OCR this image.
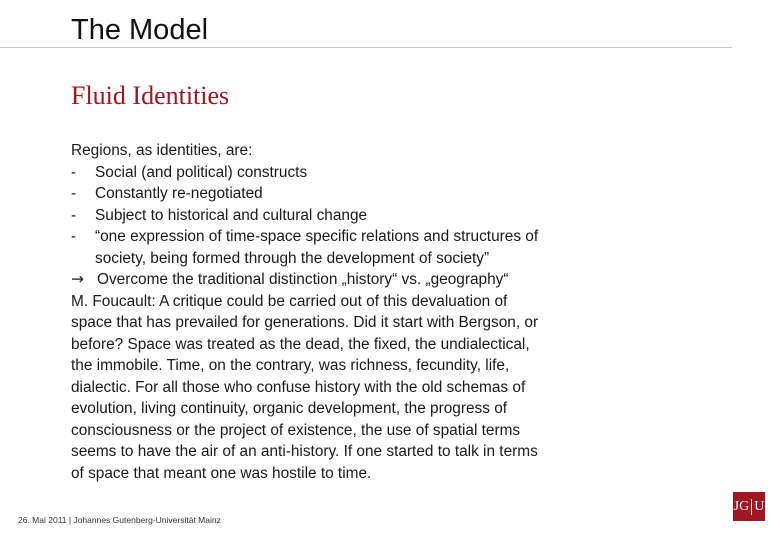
The Model
Fluid Identities
Regions, as identities, are:
-	Social (and political) constructs
-	Constantly re-negotiated
-	Subject to historical and cultural change
-	“one expression of time-space specific relations and structures of
society, being formed through the development of society”
→ Overcome the traditional distinction „history“ vs. „geography“
M. Foucault: A critique could be carried out of this devaluation of
space that has prevailed for generations. Did it start with Bergson, or
before? Space was treated as the dead, the fixed, the undialectical,
the immobile. Time, on the contrary, was richness, fecundity, life,
dialectic. For all those who confuse history with the old schemas of
evolution, living continuity, organic development, the progress of
consciousness or the project of existence, the use of spatial terms
seems to have the air of an anti-history. If one started to talk in terms
of space that meant one was hostile to time.
26. Mai 2011 | Johannes Gutenberg-Universität Mainz
JG U
